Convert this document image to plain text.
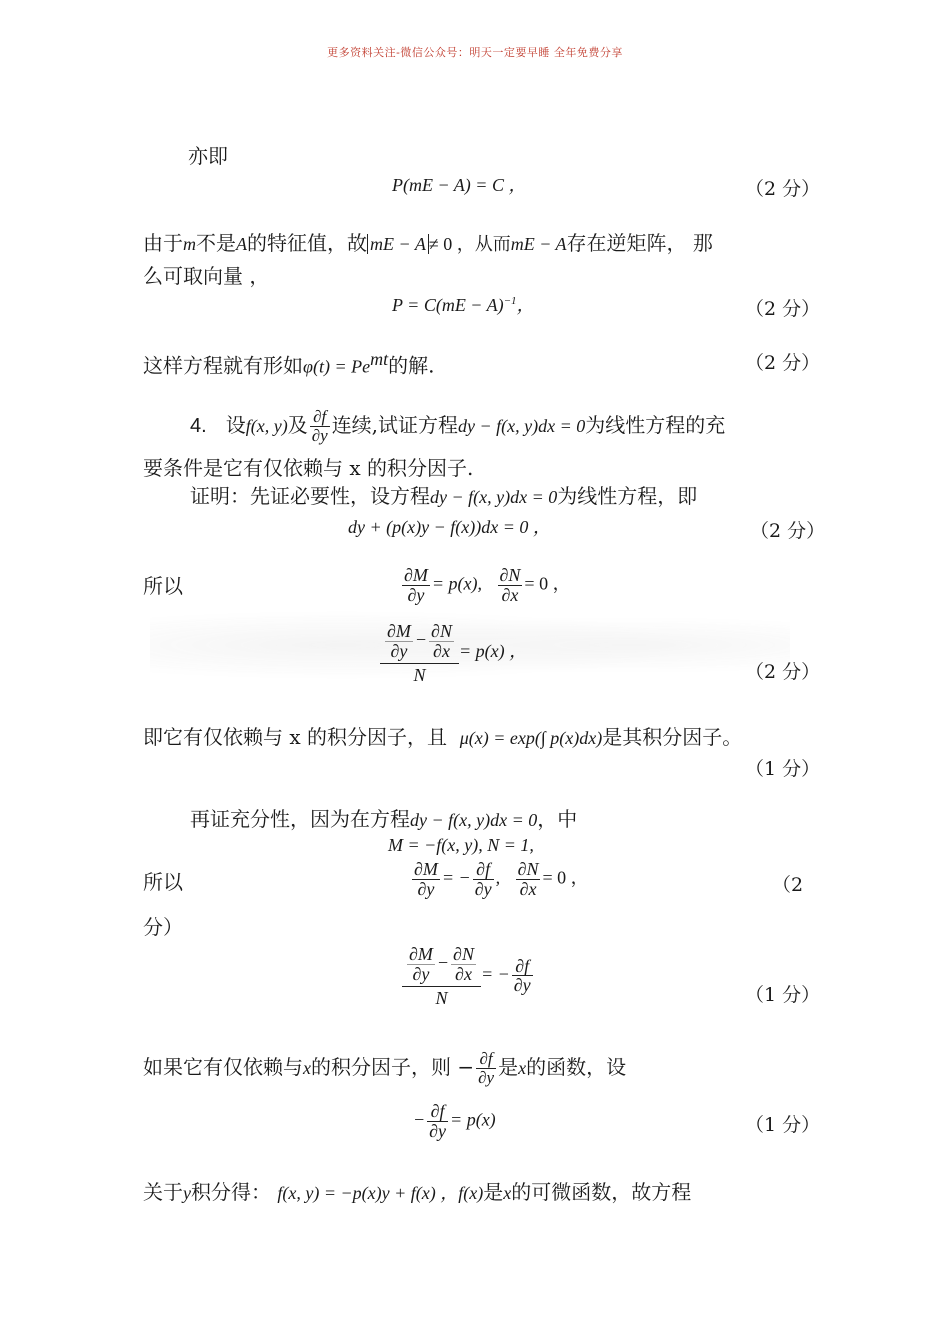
更多资料关注-微信公众号：明天一定要早睡 全年免费分享
亦即
P(mE − A) = C ，	（2 分）
由于m不是A的特征值，故 mE − A ≠ 0 ，从而mE − A存在逆矩阵， 那
么可取向量 ，
P = C(mE − A)$^{-1}$，	（2 分）
这样方程就有形如$\varphi(t) = Pe^{mt}$的解.	（2 分）
4. 设f(x, y)及 $\frac{\partial f}{\partial y}$ 连续,试证方程dy − f(x, y)dx = 0为线性方程的充
要条件是它有仅依赖与 x 的积分因子.
证明：先证必要性，设方程dy − f(x, y)dx = 0为线性方程，即
dy + (p(x)y − f(x))dx = 0 ，	（2 分）
所以	$\frac{\partial M}{\partial y} = p(x)$, $\frac{\partial N}{\partial x} = 0$ ，
$\frac{\frac{\partial M}{\partial y} - \frac{\partial N}{\partial x}}{N} = p(x)$ ，
（2 分）
即它有仅依赖与 x 的积分因子，且 μ(x) = exp(∫ p(x)dx)是其积分因子。
（1 分）
再证充分性，因为在方程dy − f(x, y)dx = 0，中
M = −f(x, y), N = 1,
所以	$\frac{\partial M}{\partial y}$ = − $\frac{\partial f}{\partial y}$ , $\frac{\partial N}{\partial x} = 0$ ，	（2
分）
$\frac{\frac{\partial M}{\partial y} - \frac{\partial N}{\partial x}}{N}$ = − $\frac{\partial f}{\partial y}$	（1 分）
如果它有仅依赖与x的积分因子，则 − $\frac{\partial f}{\partial y}$ 是x的函数，设
− $\frac{\partial f}{\partial y} = p(x)$	（1 分）
关于y积分得： f(x, y) = −p(x)y + f(x) ，f(x)是x的可微函数，故方程
